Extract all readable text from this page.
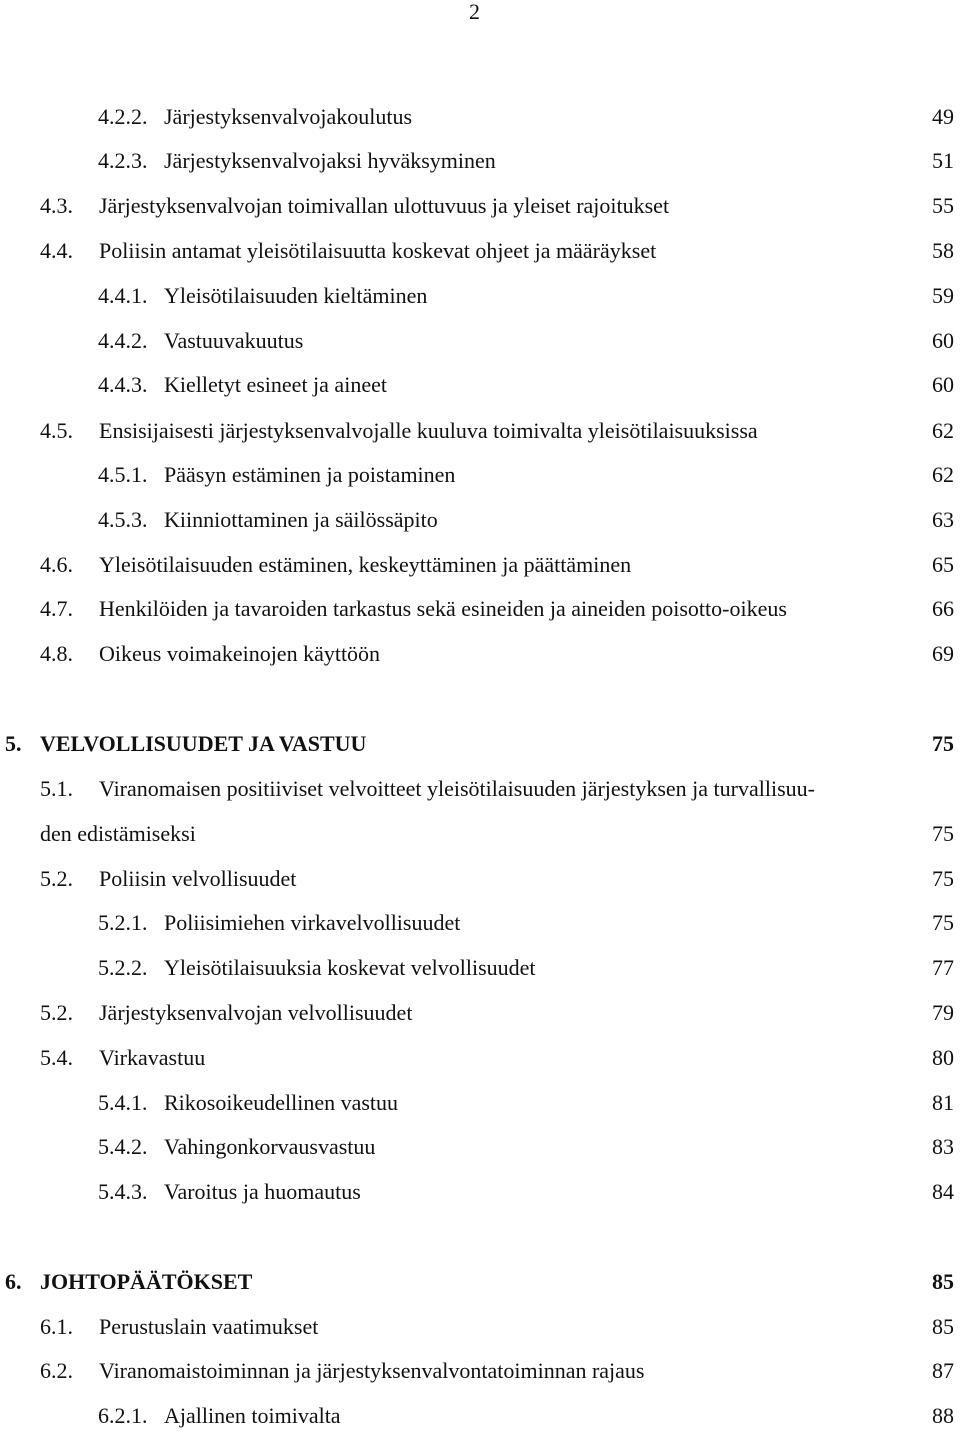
2
4.2.2. Järjestyksenvalvojakoulutus	49
4.2.3. Järjestyksenvalvojaksi hyväksyminen	51
4.3. Järjestyksenvalvojan toimivallan ulottuvuus ja yleiset rajoitukset	55
4.4. Poliisin antamat yleisötilaisuutta koskevat ohjeet ja määräykset	58
4.4.1. Yleisötilaisuuden kieltäminen	59
4.4.2. Vastuuvakuutus	60
4.4.3. Kielletyt esineet ja aineet	60
4.5. Ensisijaisesti järjestyksenvalvojalle kuuluva toimivalta yleisötilaisuuksissa	62
4.5.1. Pääsyn estäminen ja poistaminen	62
4.5.3. Kiinniottaminen ja säilössäpito	63
4.6. Yleisötilaisuuden estäminen, keskeyttäminen ja päättäminen	65
4.7. Henkilöiden ja tavaroiden tarkastus sekä esineiden ja aineiden poisotto-oikeus	66
4.8. Oikeus voimakeinojen käyttöön	69
5. VELVOLLISUUDET JA VASTUU	75
5.1. Viranomaisen positiiviset velvoitteet yleisötilaisuuden järjestyksen ja turvallisuu-
den edistämiseksi	75
5.2. Poliisin velvollisuudet	75
5.2.1. Poliisimiehen virkavelvollisuudet	75
5.2.2. Yleisötilaisuuksia koskevat velvollisuudet	77
5.2. Järjestyksenvalvojan velvollisuudet	79
5.4. Virkavastuu	80
5.4.1. Rikosoikeudellinen vastuu	81
5.4.2. Vahingonkorvausvastuu	83
5.4.3. Varoitus ja huomautus	84
6. JOHTOPÄÄTÖKSET	85
6.1. Perustuslain vaatimukset	85
6.2. Viranomaistoiminnan ja järjestyksenvalvontatoiminnan rajaus	87
6.2.1. Ajallinen toimivalta	88
